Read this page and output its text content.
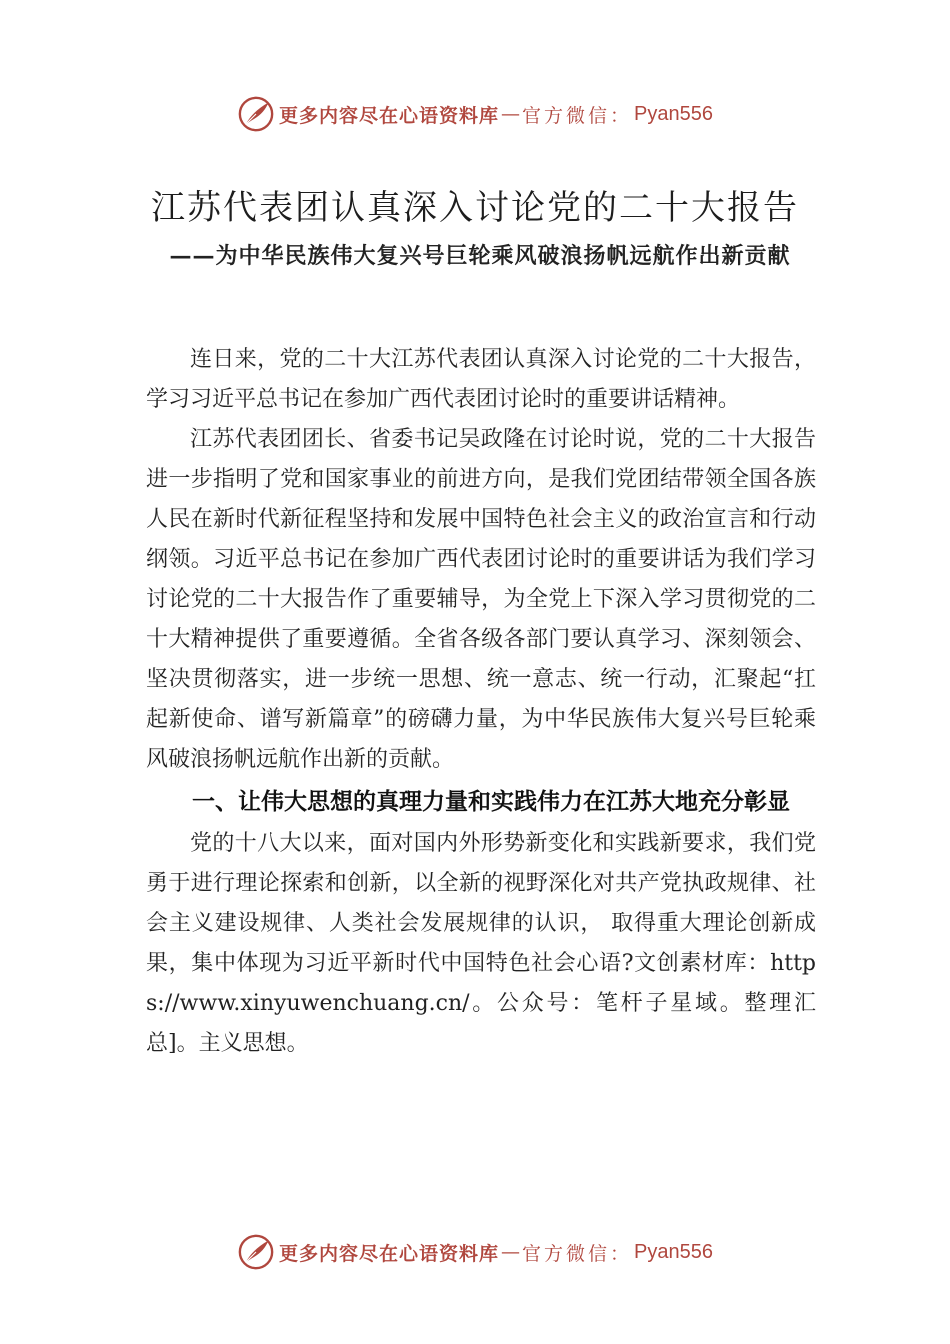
更多内容尽在心语资料库 — 官方微信： Pyan556
江苏代表团认真深入讨论党的二十大报告

——为中华民族伟大复兴号巨轮乘风破浪扬帆远航作出新贡献

连日来，党的二十大江苏代表团认真深入讨论党的二十大报告，学习习近平总书记在参加广西代表团讨论时的重要讲话精神。

江苏代表团团长、省委书记吴政隆在讨论时说，党的二十大报告进一步指明了党和国家事业的前进方向，是我们党团结带领全国各族人民在新时代新征程坚持和发展中国特色社会主义的政治宣言和行动纲领。习近平总书记在参加广西代表团讨论时的重要讲话为我们学习讨论党的二十大报告作了重要辅导，为全党上下深入学习贯彻党的二十大精神提供了重要遵循。全省各级各部门要认真学习、深刻领会、 坚决贯彻落实，进一步统一思想、统一意志、统一行动，汇聚起“扛起新使命、谱写新篇章”的磅礴力量，为中华民族伟大复兴号巨轮乘风破浪扬帆远航作出新的贡献。

一、让伟大思想的真理力量和实践伟力在江苏大地充分彰显

党的十八大以来，面对国内外形势新变化和实践新要求，我们党勇于进行理论探索和创新，以全新的视野深化对共产党执政规律、社会主义建设规律、人类社会发展规律的认识， 取得重大理论创新成果，集中体现为习近平新时代中国特色社会心语?文创素材库：https://www.xinyuwenchuang.cn/。公众号：笔杆子星域。整理汇总]。主义思想。

更多内容尽在心语资料库 — 官方微信： Pyan556
